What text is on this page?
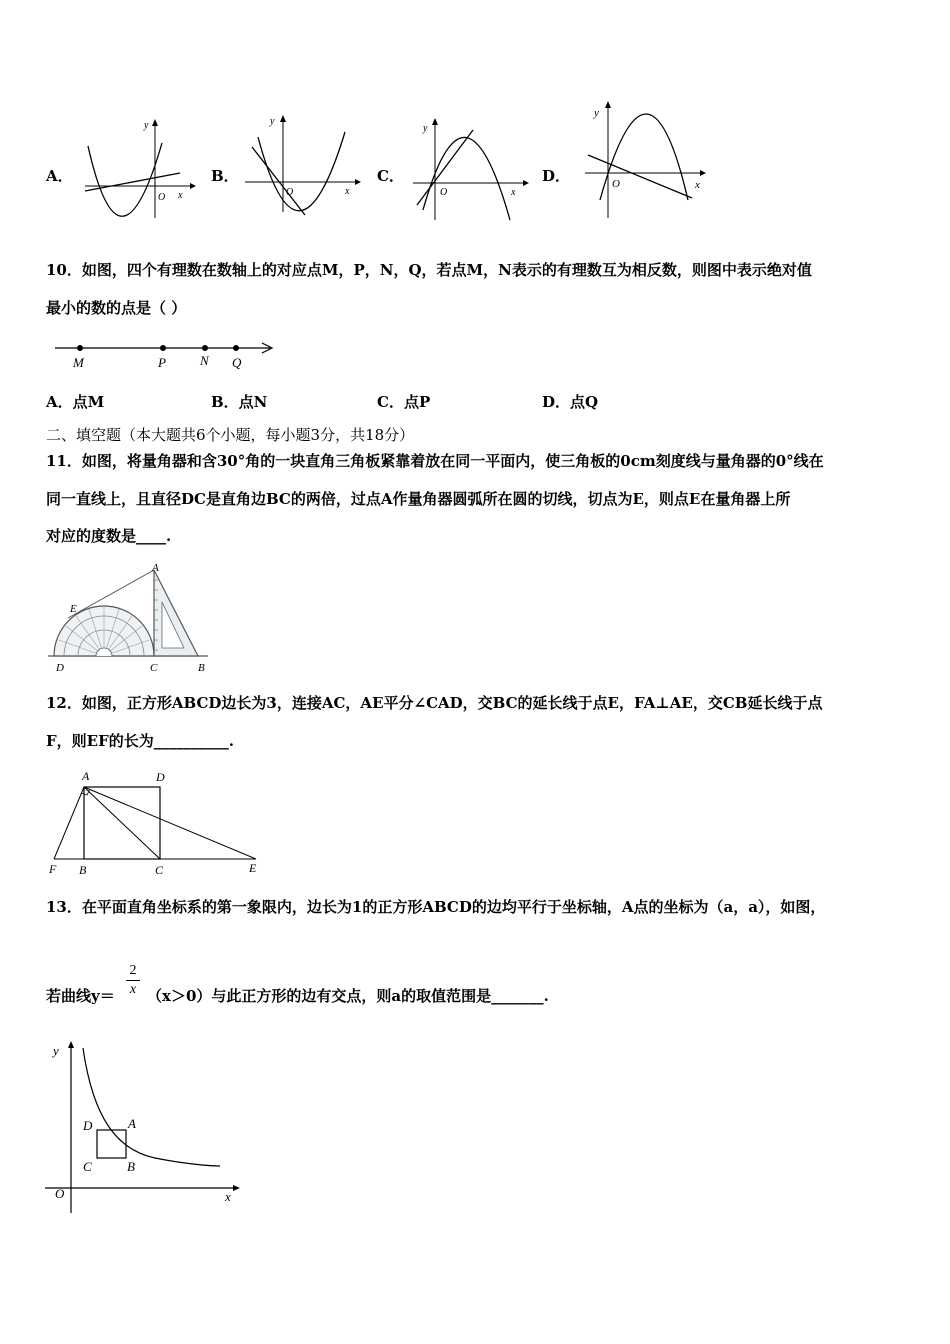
A．
y
O x
B．
y
O	x
C．
y
O	x
D．
y
O	x
10．如图，四个有理数在数轴上的对应点M，P，N，Q，若点M，N表示的有理数互为相反数，则图中表示绝对值
最小的数的点是（ ）
M	P	N Q
A．点M	B．点N	C．点P	D．点Q
二、填空题（本大题共6个小题，每小题3分，共18分）
11．如图，将量角器和含30°角的一块直角三角板紧靠着放在同一平面内，使三角板的0cm刻度线与量角器的0°线在
同一直线上，且直径DC是直角边BC的两倍，过点A作量角器圆弧所在圆的切线，切点为E，则点E在量角器上所
对应的度数是____.
A
E
D	C	B
12．如图，正方形ABCD边长为3，连接AC，AE平分∠CAD，交BC的延长线于点E，FA⊥AE，交CB延长线于点
F，则EF的长为__________.
A	D
F B	C	E
13．在平面直角坐标系的第一象限内，边长为1的正方形ABCD的边均平行于坐标轴，A点的坐标为（a，a），如图，
若曲线$y= \frac{2}{x} (x>0)$与此正方形的边有交点，则a的取值范围是_______.
y
x
O
D	A
C	B
